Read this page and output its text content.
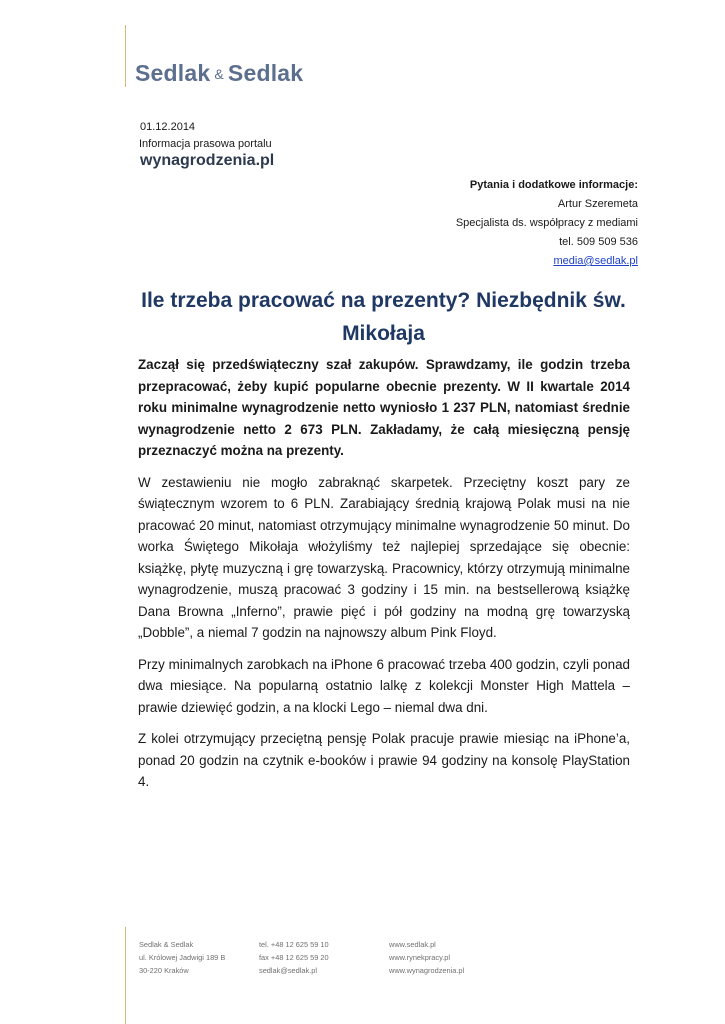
Sedlak & Sedlak
01.12.2014
Informacja prasowa portalu
wynagrodzenia.pl
Pytania i dodatkowe informacje:
Artur Szeremeta
Specjalista ds. współpracy z mediami
tel. 509 509 536
media@sedlak.pl
Ile trzeba pracować na prezenty? Niezbędnik św. Mikołaja

Zaczął się przedświąteczny szał zakupów. Sprawdzamy, ile godzin trzeba przepracować, żeby kupić popularne obecnie prezenty. W II kwartale 2014 roku minimalne wynagrodzenie netto wyniosło 1 237 PLN, natomiast średnie wynagrodzenie netto 2 673 PLN. Zakładamy, że całą miesięczną pensję przeznaczyć można na prezenty.

W zestawieniu nie mogło zabraknąć skarpetek. Przeciętny koszt pary ze świątecznym wzorem to 6 PLN. Zarabiający średnią krajową Polak musi na nie pracować 20 minut, natomiast otrzymujący minimalne wynagrodzenie 50 minut. Do worka Świętego Mikołaja włożyliśmy też najlepiej sprzedające się obecnie: książkę, płytę muzyczną i grę towarzyską. Pracownicy, którzy otrzymują minimalne wynagrodzenie, muszą pracować 3 godziny i 15 min. na bestsellerową książkę Dana Browna „Inferno”, prawie pięć i pół godziny na modną grę towarzyską „Dobble”, a niemal 7 godzin na najnowszy album Pink Floyd.

Przy minimalnych zarobkach na iPhone 6 pracować trzeba 400 godzin, czyli ponad dwa miesiące. Na popularną ostatnio lalkę z kolekcji Monster High Mattela – prawie dziewięć godzin, a na klocki Lego – niemal dwa dni.

Z kolei otrzymujący przeciętną pensję Polak pracuje prawie miesiąc na iPhone’a, ponad 20 godzin na czytnik e-booków i prawie 94 godziny na konsolę PlayStation 4.

Sedlak & Sedlak
ul. Królowej Jadwigi 189 B
30-220 Kraków
tel. +48 12 625 59 10
fax +48 12 625 59 20
sedlak@sedlak.pl
www.sedlak.pl
www.rynekpracy.pl
www.wynagrodzenia.pl
